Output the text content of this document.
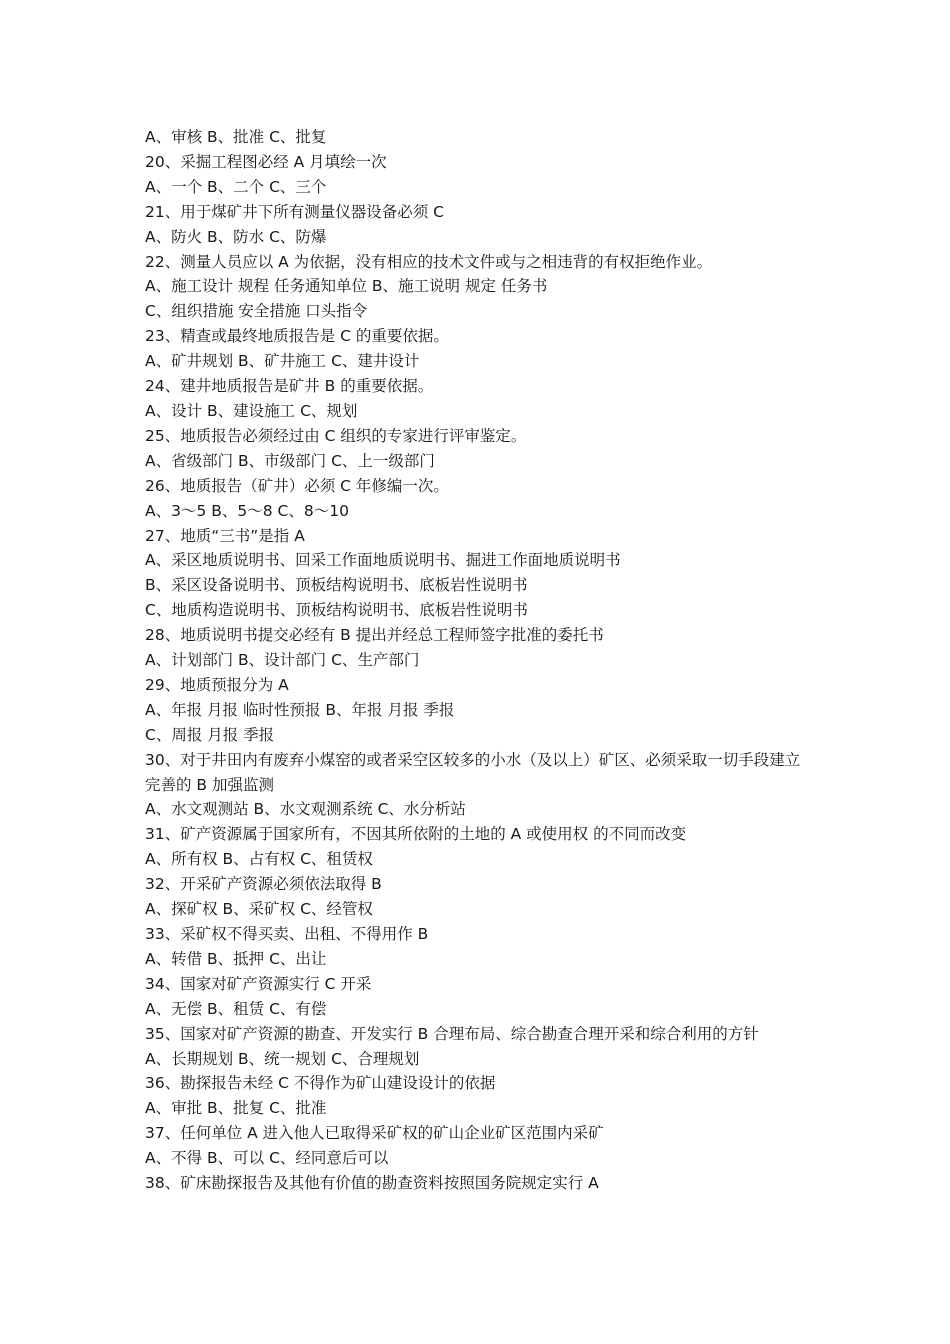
A、审核 B、批准 C、批复

20、采掘工程图必经 A 月填绘一次

A、一个 B、二个 C、三个

21、用于煤矿井下所有测量仪器设备必须 C

A、防火 B、防水 C、防爆

22、测量人员应以 A 为依据，没有相应的技术文件或与之相违背的有权拒绝作业。

A、施工设计 规程 任务通知单位 B、施工说明 规定 任务书

C、组织措施 安全措施 口头指令

23、精查或最终地质报告是 C 的重要依据。

A、矿井规划 B、矿井施工 C、建井设计

24、建井地质报告是矿井 B 的重要依据。

A、设计 B、建设施工 C、规划

25、地质报告必须经过由 C 组织的专家进行评审鉴定。

A、省级部门 B、市级部门 C、上一级部门

26、地质报告（矿井）必须 C 年修编一次。

A、3～5 B、5～8 C、8～10

27、地质“三书”是指 A

A、采区地质说明书、回采工作面地质说明书、掘进工作面地质说明书

B、采区设备说明书、顶板结构说明书、底板岩性说明书

C、地质构造说明书、顶板结构说明书、底板岩性说明书

28、地质说明书提交必经有 B 提出并经总工程师签字批准的委托书

A、计划部门 B、设计部门 C、生产部门

29、地质预报分为 A

A、年报 月报 临时性预报 B、年报 月报 季报

C、周报 月报 季报

30、对于井田内有废弃小煤窑的或者采空区较多的小水（及以上）矿区、必须采取一切手段建立完善的 B 加强监测

A、水文观测站 B、水文观测系统 C、水分析站

31、矿产资源属于国家所有，不因其所依附的土地的 A 或使用权 的不同而改变

A、所有权 B、占有权 C、租赁权

32、开采矿产资源必须依法取得 B

A、探矿权 B、采矿权 C、经管权

33、采矿权不得买卖、出租、不得用作 B

A、转借 B、抵押 C、出让

34、国家对矿产资源实行 C 开采

A、无偿 B、租赁 C、有偿

35、国家对矿产资源的勘查、开发实行 B 合理布局、综合勘查合理开采和综合利用的方针

A、长期规划 B、统一规划 C、合理规划

36、勘探报告未经 C 不得作为矿山建设设计的依据

A、审批 B、批复 C、批准

37、任何单位 A 进入他人已取得采矿权的矿山企业矿区范围内采矿

A、不得 B、可以 C、经同意后可以

38、矿床勘探报告及其他有价值的勘查资料按照国务院规定实行 A
